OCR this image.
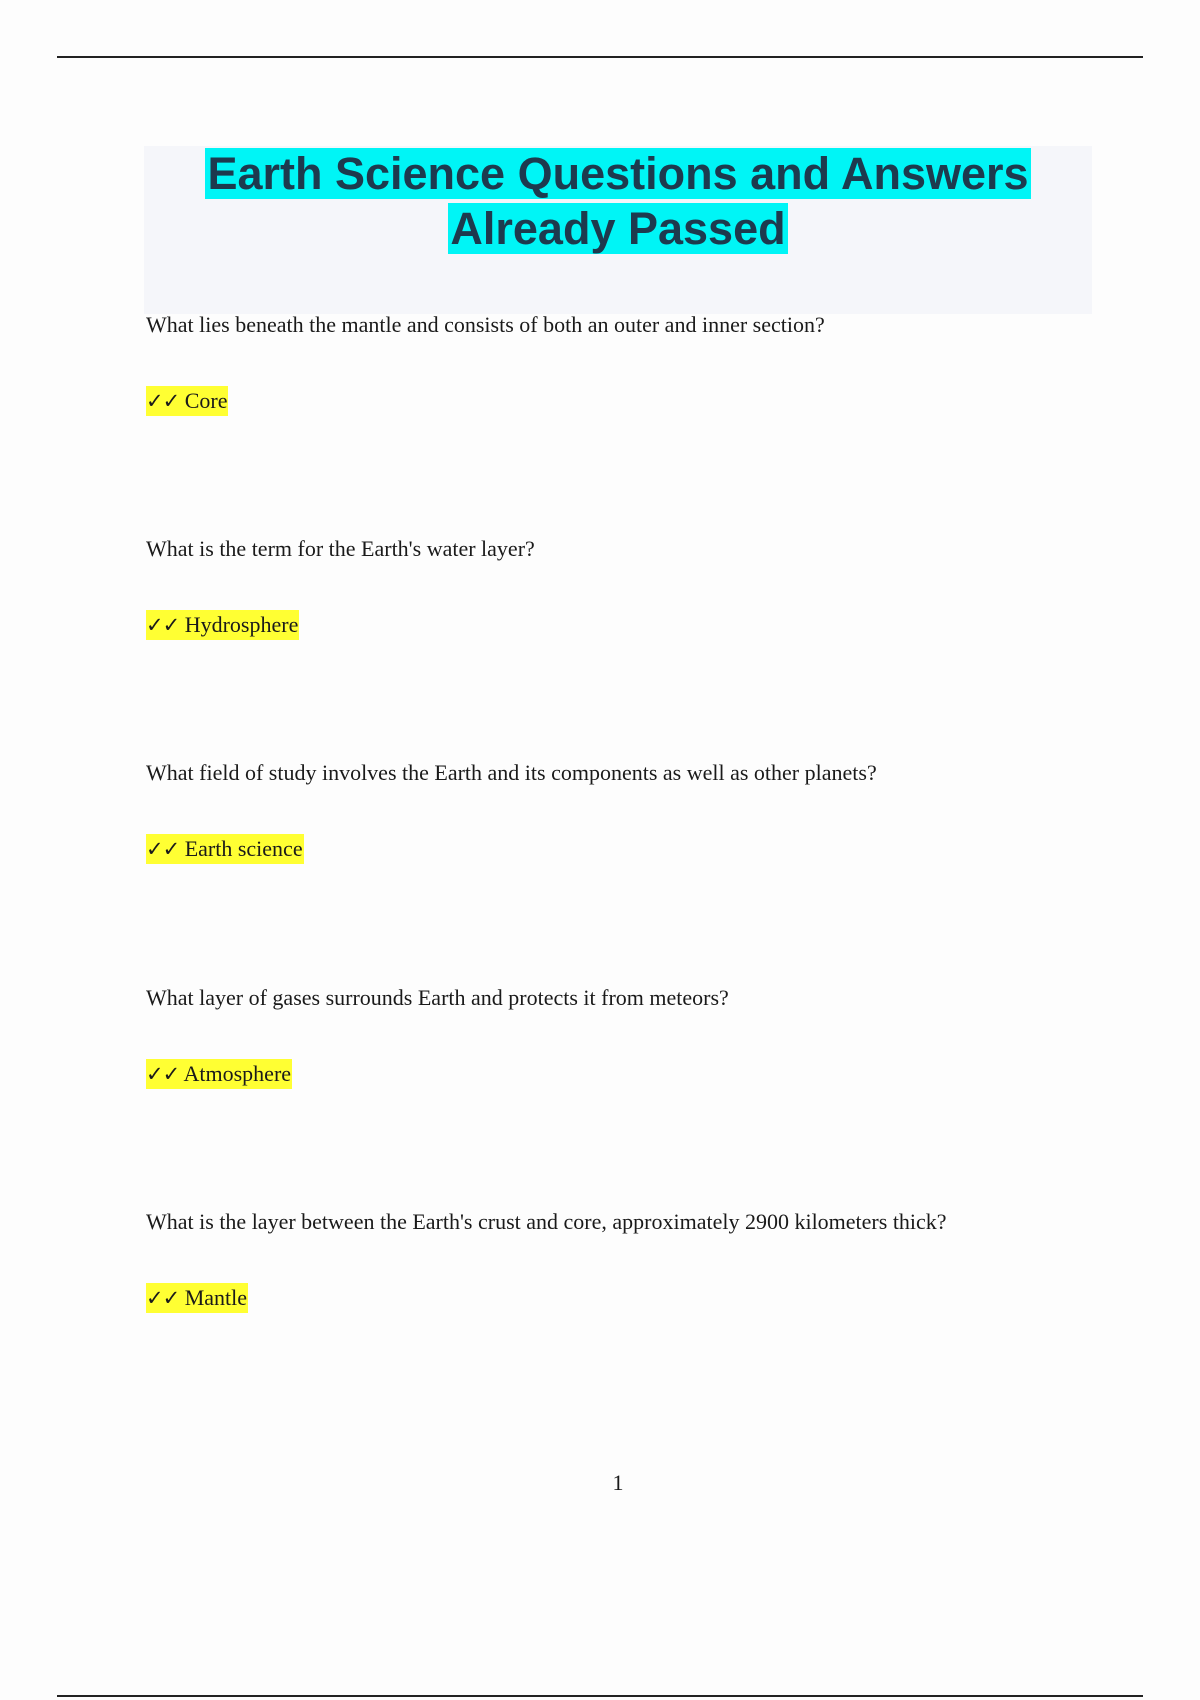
Earth Science Questions and Answers
Already Passed

What lies beneath the mantle and consists of both an outer and inner section?

✓✓ Core

What is the term for the Earth's water layer?

✓✓ Hydrosphere

What field of study involves the Earth and its components as well as other planets?

✓✓ Earth science

What layer of gases surrounds Earth and protects it from meteors?

✓✓ Atmosphere

What is the layer between the Earth's crust and core, approximately 2900 kilometers thick?

✓✓ Mantle
1
